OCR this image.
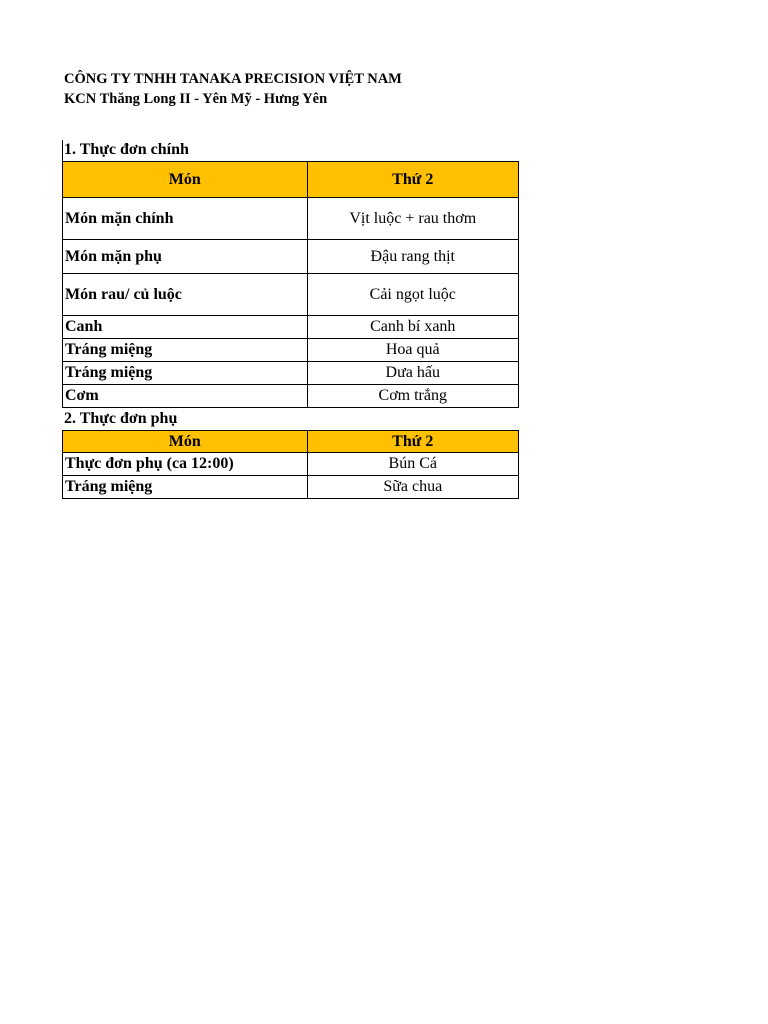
CÔNG TY TNHH TANAKA PRECISION VIỆT NAM
KCN Thăng Long II - Yên Mỹ - Hưng Yên
1. Thực đơn chính
Món	Thứ 2
Món mặn chính	Vịt luộc + rau thơm
Món mặn phụ	Đậu rang thịt
Món rau/ củ luộc	Cải ngọt luộc
Canh	Canh bí xanh
Tráng miệng	Hoa quả
Tráng miệng	Dưa hấu
Cơm	Cơm trắng
2. Thực đơn phụ
Món	Thứ 2
Thực đơn phụ (ca 12:00)	Bún Cá
Tráng miệng	Sữa chua
